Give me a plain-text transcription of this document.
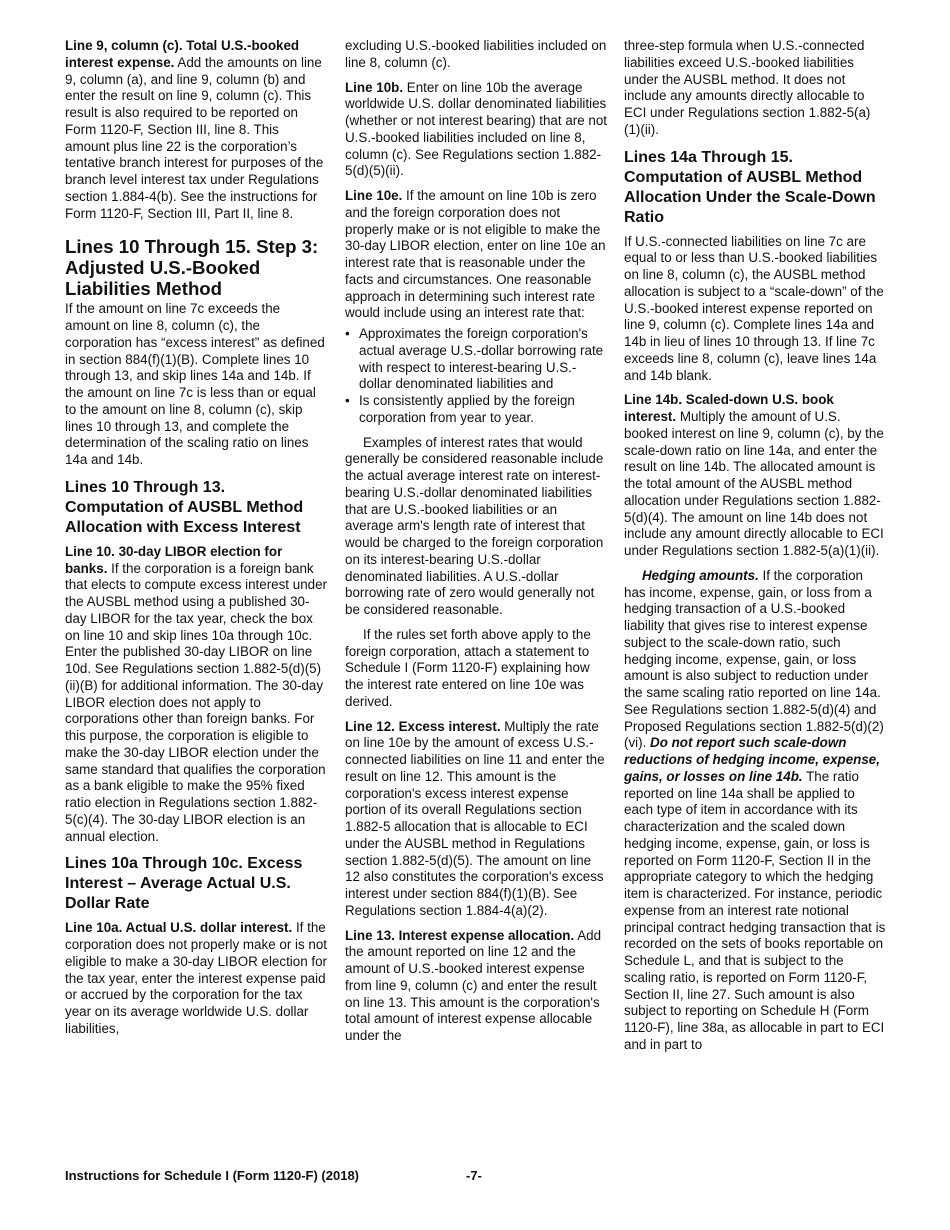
Line 9, column (c). Total U.S.-booked interest expense. Add the amounts on line 9, column (a), and line 9, column (b) and enter the result on line 9, column (c). This result is also required to be reported on Form 1120-F, Section III, line 8. This amount plus line 22 is the corporation’s tentative branch interest for purposes of the branch level interest tax under Regulations section 1.884-4(b). See the instructions for Form 1120-F, Section III, Part II, line 8.

Lines 10 Through 15. Step 3: Adjusted U.S.-Booked Liabilities Method

If the amount on line 7c exceeds the amount on line 8, column (c), the corporation has “excess interest” as defined in section 884(f)(1)(B). Complete lines 10 through 13, and skip lines 14a and 14b. If the amount on line 7c is less than or equal to the amount on line 8, column (c), skip lines 10 through 13, and complete the determination of the scaling ratio on lines 14a and 14b.

Lines 10 Through 13. Computation of AUSBL Method Allocation with Excess Interest

Line 10. 30-day LIBOR election for banks. If the corporation is a foreign bank that elects to compute excess interest under the AUSBL method using a published 30-day LIBOR for the tax year, check the box on line 10 and skip lines 10a through 10c. Enter the published 30-day LIBOR on line 10d. See Regulations section 1.882-5(d)(5)(ii)(B) for additional information. The 30-day LIBOR election does not apply to corporations other than foreign banks. For this purpose, the corporation is eligible to make the 30-day LIBOR election under the same standard that qualifies the corporation as a bank eligible to make the 95% fixed ratio election in Regulations section 1.882-5(c)(4). The 30-day LIBOR election is an annual election.

Lines 10a Through 10c. Excess Interest – Average Actual U.S. Dollar Rate

Line 10a. Actual U.S. dollar interest. If the corporation does not properly make or is not eligible to make a 30-day LIBOR election for the tax year, enter the interest expense paid or accrued by the corporation for the tax year on its average worldwide U.S. dollar liabilities,

excluding U.S.-booked liabilities included on line 8, column (c).

Line 10b. Enter on line 10b the average worldwide U.S. dollar denominated liabilities (whether or not interest bearing) that are not U.S.-booked liabilities included on line 8, column (c). See Regulations section 1.882-5(d)(5)(ii).

Line 10e. If the amount on line 10b is zero and the foreign corporation does not properly make or is not eligible to make the 30-day LIBOR election, enter on line 10e an interest rate that is reasonable under the facts and circumstances. One reasonable approach in determining such interest rate would include using an interest rate that:

• Approximates the foreign corporation's actual average U.S.-dollar borrowing rate with respect to interest-bearing U.S.-dollar denominated liabilities and
• Is consistently applied by the foreign corporation from year to year.

Examples of interest rates that would generally be considered reasonable include the actual average interest rate on interest-bearing U.S.-dollar denominated liabilities that are U.S.-booked liabilities or an average arm's length rate of interest that would be charged to the foreign corporation on its interest-bearing U.S.-dollar denominated liabilities. A U.S.-dollar borrowing rate of zero would generally not be considered reasonable.

If the rules set forth above apply to the foreign corporation, attach a statement to Schedule I (Form 1120-F) explaining how the interest rate entered on line 10e was derived.

Line 12. Excess interest. Multiply the rate on line 10e by the amount of excess U.S.-connected liabilities on line 11 and enter the result on line 12. This amount is the corporation's excess interest expense portion of its overall Regulations section 1.882-5 allocation that is allocable to ECI under the AUSBL method in Regulations section 1.882-5(d)(5). The amount on line 12 also constitutes the corporation's excess interest under section 884(f)(1)(B). See Regulations section 1.884-4(a)(2).

Line 13. Interest expense allocation. Add the amount reported on line 12 and the amount of U.S.-booked interest expense from line 9, column (c) and enter the result on line 13. This amount is the corporation's total amount of interest expense allocable under the

three-step formula when U.S.-connected liabilities exceed U.S.-booked liabilities under the AUSBL method. It does not include any amounts directly allocable to ECI under Regulations section 1.882-5(a)(1)(ii).

Lines 14a Through 15. Computation of AUSBL Method Allocation Under the Scale-Down Ratio

If U.S.-connected liabilities on line 7c are equal to or less than U.S.-booked liabilities on line 8, column (c), the AUSBL method allocation is subject to a “scale-down” of the U.S.-booked interest expense reported on line 9, column (c). Complete lines 14a and 14b in lieu of lines 10 through 13. If line 7c exceeds line 8, column (c), leave lines 14a and 14b blank.

Line 14b. Scaled-down U.S. book interest. Multiply the amount of U.S. booked interest on line 9, column (c), by the scale-down ratio on line 14a, and enter the result on line 14b. The allocated amount is the total amount of the AUSBL method allocation under Regulations section 1.882-5(d)(4). The amount on line 14b does not include any amount directly allocable to ECI under Regulations section 1.882-5(a)(1)(ii).

Hedging amounts. If the corporation has income, expense, gain, or loss from a hedging transaction of a U.S.-booked liability that gives rise to interest expense subject to the scale-down ratio, such hedging income, expense, gain, or loss amount is also subject to reduction under the same scaling ratio reported on line 14a. See Regulations section 1.882-5(d)(4) and Proposed Regulations section 1.882-5(d)(2)(vi). Do not report such scale-down reductions of hedging income, expense, gains, or losses on line 14b. The ratio reported on line 14a shall be applied to each type of item in accordance with its characterization and the scaled down hedging income, expense, gain, or loss is reported on Form 1120-F, Section II in the appropriate category to which the hedging item is characterized. For instance, periodic expense from an interest rate notional principal contract hedging transaction that is recorded on the sets of books reportable on Schedule L, and that is subject to the scaling ratio, is reported on Form 1120-F, Section II, line 27. Such amount is also subject to reporting on Schedule H (Form 1120-F), line 38a, as allocable in part to ECI and in part to

Instructions for Schedule I (Form 1120-F) (2018)	-7-
